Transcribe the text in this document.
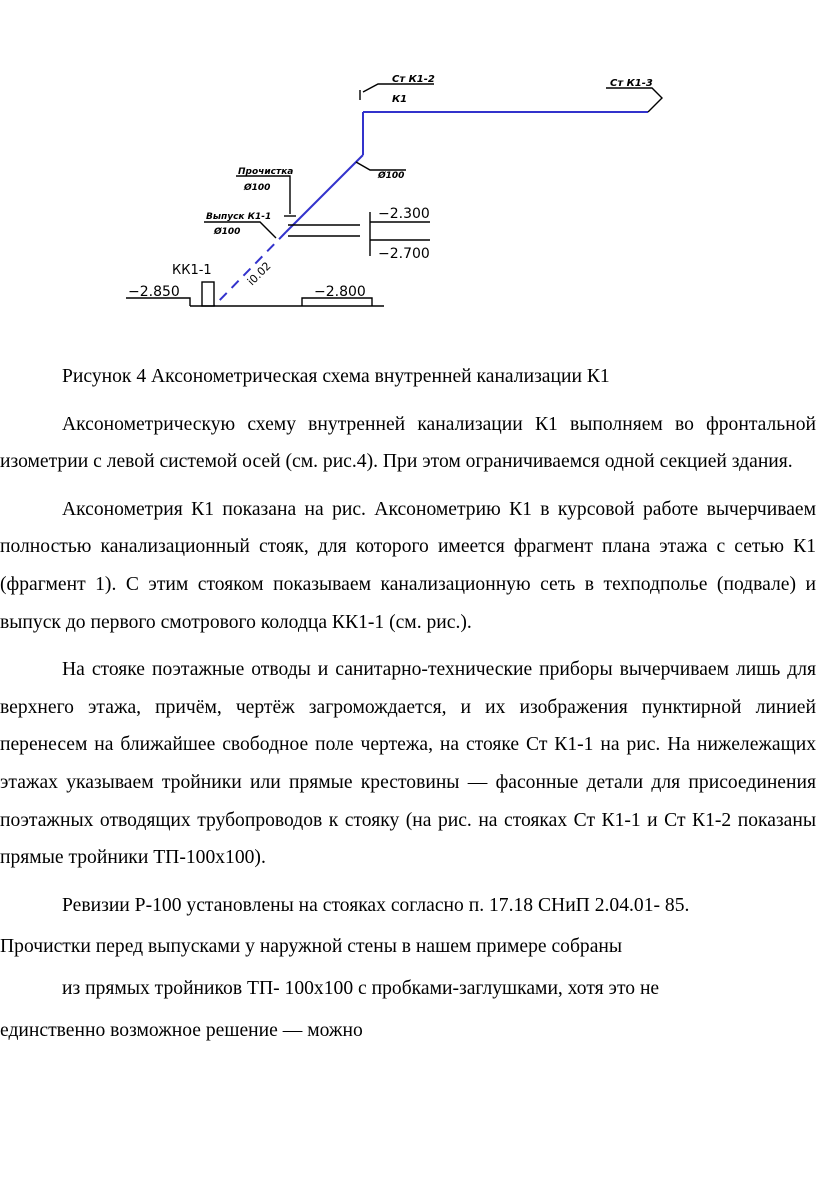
Ст К1-2
К1
Ст К1-3
Прочистка
Ø100
Ø100
Выпуск К1-1
Ø100
i0.02
−2.300
−2.700
КК1-1
−2.850	−2.800

Рисунок 4 Аксонометрическая схема внутренней канализации К1

Аксонометрическую схему внутренней канализации К1 выполняем во фронтальной изометрии с левой системой осей (см. рис.4). При этом ограничиваемся одной секцией здания.

Аксонометрия К1 показана на рис. Аксонометрию К1 в курсовой работе вычерчиваем полностью канализационный стояк, для которого имеется фрагмент плана этажа с сетью К1 (фрагмент 1). С этим стояком показываем канализационную сеть в техподполье (подвале) и выпуск до первого смотрового колодца КК1-1 (см. рис.).

На стояке поэтажные отводы и санитарно-технические приборы вычерчиваем лишь для верхнего этажа, причём, чертёж загромождается, и их изображения пунктирной линией перенесем на ближайшее свободное поле чертежа, на стояке Ст К1-1 на рис. На нижележащих этажах указываем тройники или прямые крестовины — фасонные детали для присоединения поэтажных отводящих трубопроводов к стояку (на рис. на стояках Ст К1-1 и Ст К1-2 показаны прямые тройники ТП-100х100).

Ревизии Р-100 установлены на стояках согласно п. 17.18 СНиП 2.04.01- 85.

Прочистки перед выпусками у наружной стены в нашем примере собраны

из прямых тройников ТП- 100х100 с пробками-заглушками, хотя это не

единственно возможное решение — можно
